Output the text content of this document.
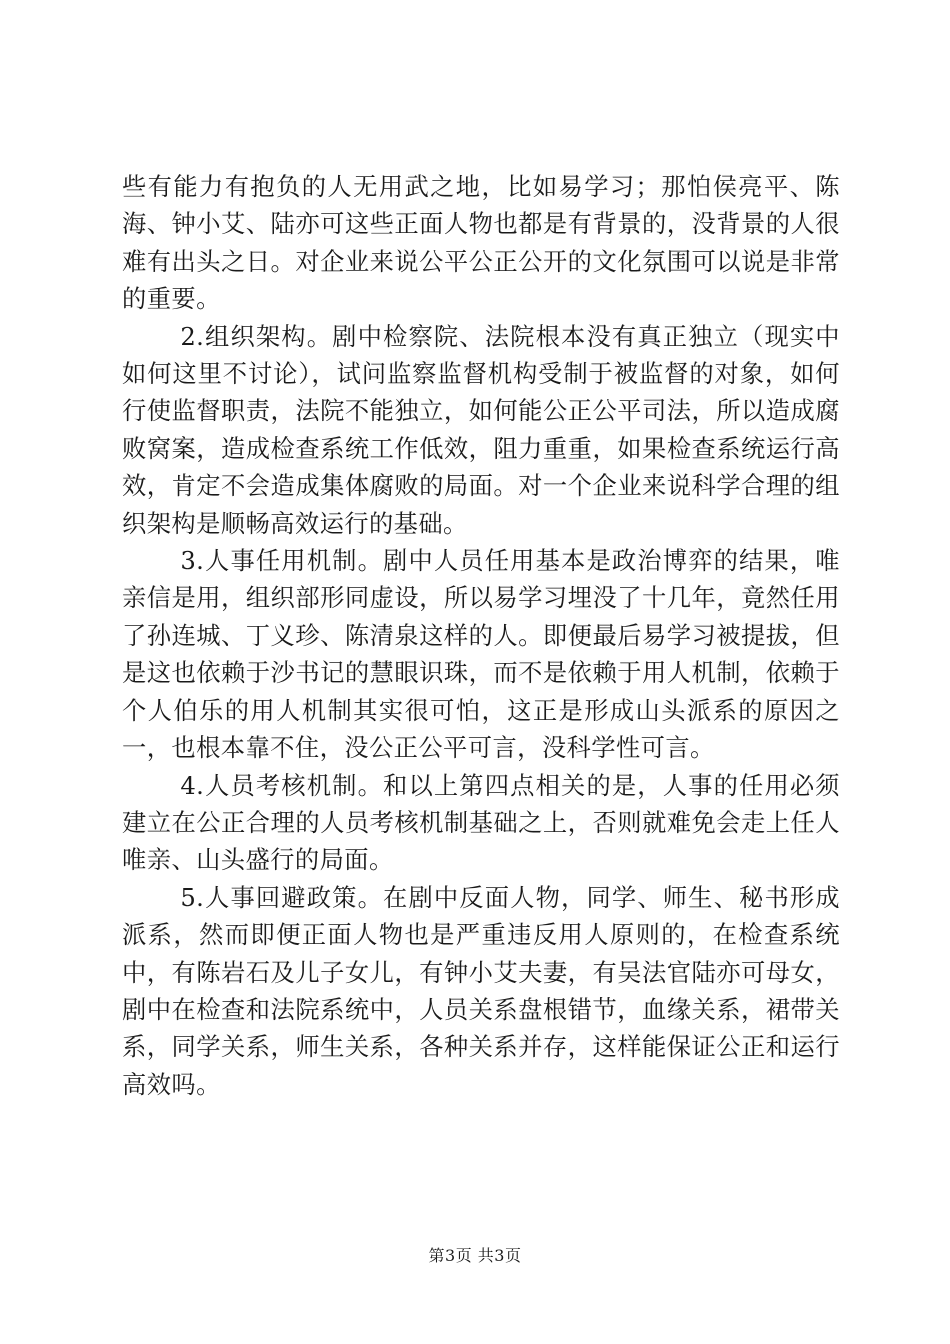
些有能力有抱负的人无用武之地，比如易学习；那怕侯亮平、陈海、钟小艾、陆亦可这些正面人物也都是有背景的，没背景的人很难有出头之日。对企业来说公平公正公开的文化氛围可以说是非常的重要。

2.组织架构。剧中检察院、法院根本没有真正独立（现实中如何这里不讨论），试问监察监督机构受制于被监督的对象，如何行使监督职责，法院不能独立，如何能公正公平司法，所以造成腐败窝案，造成检查系统工作低效，阻力重重，如果检查系统运行高效，肯定不会造成集体腐败的局面。对一个企业来说科学合理的组织架构是顺畅高效运行的基础。

3.人事任用机制。剧中人员任用基本是政治博弈的结果，唯亲信是用，组织部形同虚设，所以易学习埋没了十几年，竟然任用了孙连城、丁义珍、陈清泉这样的人。即便最后易学习被提拔，但是这也依赖于沙书记的慧眼识珠，而不是依赖于用人机制，依赖于个人伯乐的用人机制其实很可怕，这正是形成山头派系的原因之一，也根本靠不住，没公正公平可言，没科学性可言。

4.人员考核机制。和以上第四点相关的是，人事的任用必须建立在公正合理的人员考核机制基础之上，否则就难免会走上任人唯亲、山头盛行的局面。

5.人事回避政策。在剧中反面人物，同学、师生、秘书形成派系，然而即便正面人物也是严重违反用人原则的，在检查系统中，有陈岩石及儿子女儿，有钟小艾夫妻，有吴法官陆亦可母女，剧中在检查和法院系统中，人员关系盘根错节，血缘关系，裙带关系，同学关系，师生关系，各种关系并存，这样能保证公正和运行高效吗。

第3页 共3页
